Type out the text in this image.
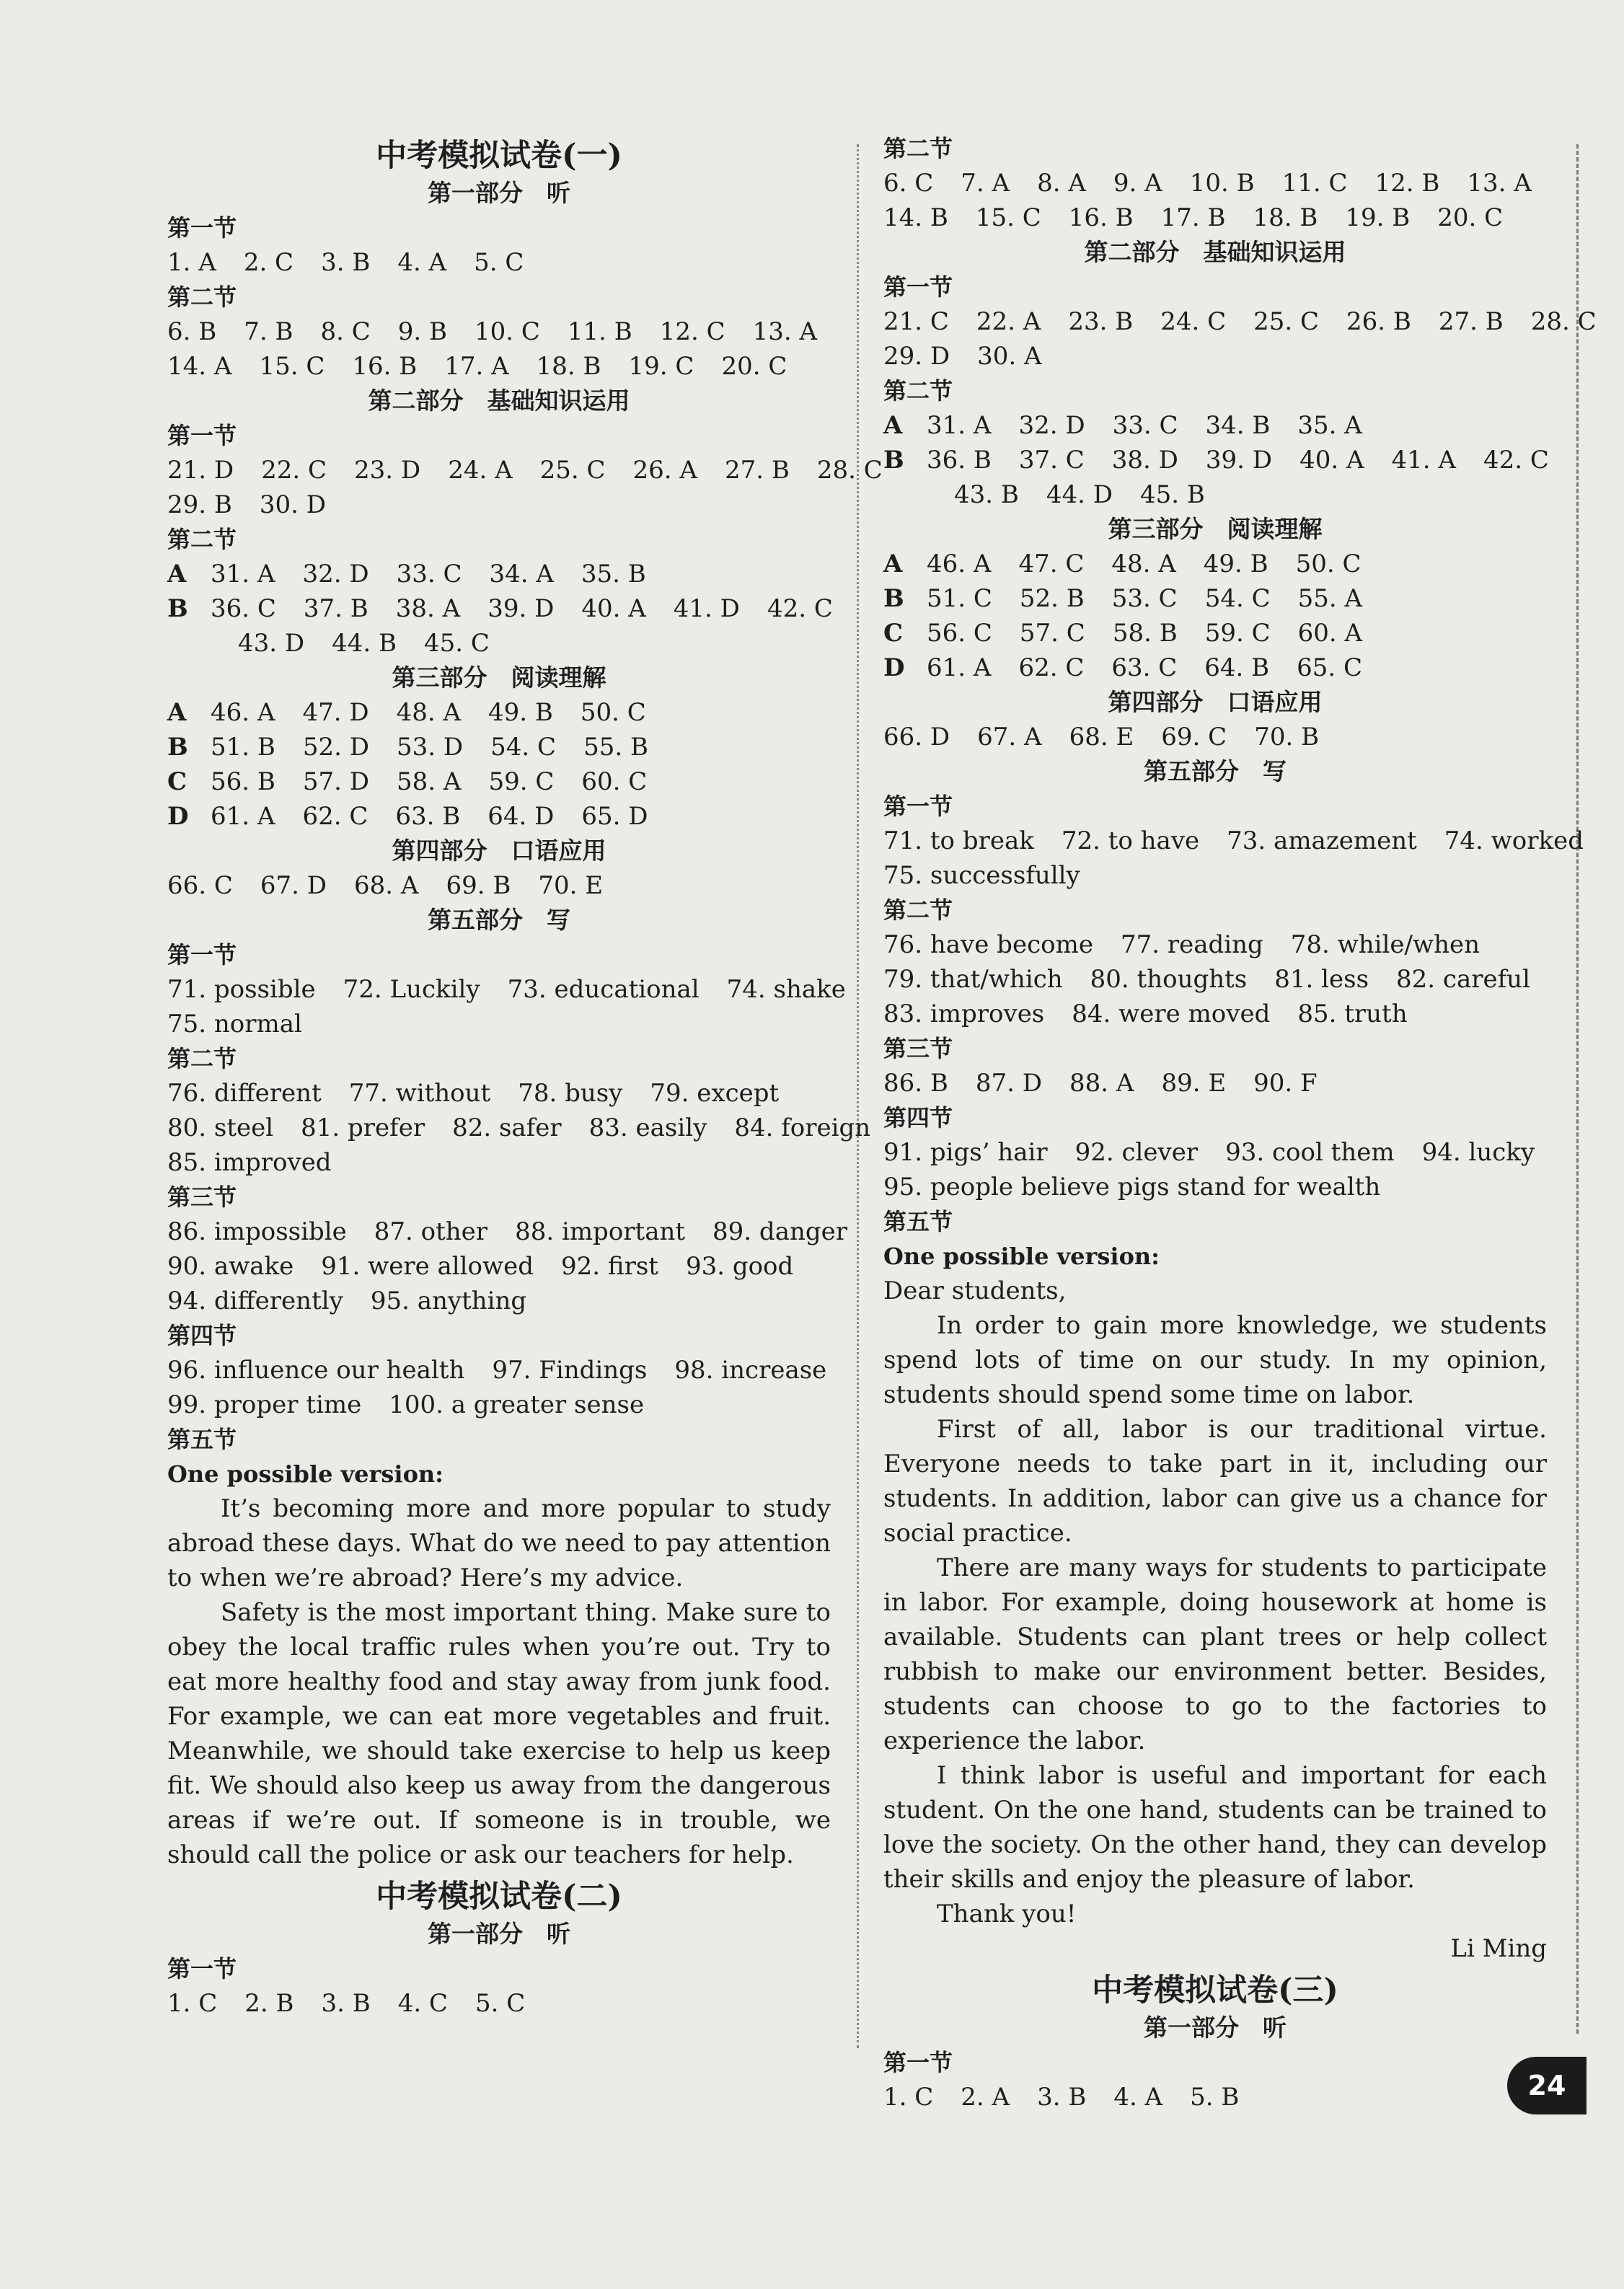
中考模拟试卷(一)
第一部分　听
第一节
1. A 2. C 3. B 4. A 5. C
第二节
6. B 7. B 8. C 9. B 10. C 11. B 12. C 13. A
14. A 15. C 16. B 17. A 18. B 19. C 20. C
第二部分　基础知识运用
第一节
21. D 22. C 23. D 24. A 25. C 26. A 27. B 28. C
29. B 30. D
第二节
A 31. A 32. D 33. C 34. A 35. B
B 36. C 37. B 38. A 39. D 40. A 41. D 42. C
43. D 44. B 45. C
第三部分　阅读理解
A 46. A 47. D 48. A 49. B 50. C
B 51. B 52. D 53. D 54. C 55. B
C 56. B 57. D 58. A 59. C 60. C
D 61. A 62. C 63. B 64. D 65. D
第四部分　口语应用
66. C 67. D 68. A 69. B 70. E
第五部分　写
第一节
71. possible 72. Luckily 73. educational 74. shake
75. normal
第二节
76. different 77. without 78. busy 79. except
80. steel 81. prefer 82. safer 83. easily 84. foreign
85. improved
第三节
86. impossible 87. other 88. important 89. danger
90. awake 91. were allowed 92. first 93. good
94. differently 95. anything
第四节
96. influence our health 97. Findings 98. increase
99. proper time 100. a greater sense
第五节
One possible version:
It’s becoming more and more popular to study abroad these days. What do we need to pay attention to when we’re abroad? Here’s my advice.
Safety is the most important thing. Make sure to obey the local traffic rules when you’re out. Try to eat more healthy food and stay away from junk food. For example, we can eat more vegetables and fruit. Meanwhile, we should take exercise to help us keep fit. We should also keep us away from the dangerous areas if we’re out. If someone is in trouble, we should call the police or ask our teachers for help.
中考模拟试卷(二)
第一部分　听
第一节
1. C 2. B 3. B 4. C 5. C
第二节
6. C 7. A 8. A 9. A 10. B 11. C 12. B 13. A
14. B 15. C 16. B 17. B 18. B 19. B 20. C
第二部分　基础知识运用
第一节
21. C 22. A 23. B 24. C 25. C 26. B 27. B 28. C
29. D 30. A
第二节
A 31. A 32. D 33. C 34. B 35. A
B 36. B 37. C 38. D 39. D 40. A 41. A 42. C
43. B 44. D 45. B
第三部分　阅读理解
A 46. A 47. C 48. A 49. B 50. C
B 51. C 52. B 53. C 54. C 55. A
C 56. C 57. C 58. B 59. C 60. A
D 61. A 62. C 63. C 64. B 65. C
第四部分　口语应用
66. D 67. A 68. E 69. C 70. B
第五部分　写
第一节
71. to break 72. to have 73. amazement 74. worked
75. successfully
第二节
76. have become 77. reading 78. while/when
79. that/which 80. thoughts 81. less 82. careful
83. improves 84. were moved 85. truth
第三节
86. B 87. D 88. A 89. E 90. F
第四节
91. pigs’ hair 92. clever 93. cool them 94. lucky
95. people believe pigs stand for wealth
第五节
One possible version:
Dear students,
In order to gain more knowledge, we students spend lots of time on our study. In my opinion, students should spend some time on labor.
First of all, labor is our traditional virtue. Everyone needs to take part in it, including our students. In addition, labor can give us a chance for social practice.
There are many ways for students to participate in labor. For example, doing housework at home is available. Students can plant trees or help collect rubbish to make our environment better. Besides, students can choose to go to the factories to experience the labor.
I think labor is useful and important for each student. On the one hand, students can be trained to love the society. On the other hand, they can develop their skills and enjoy the pleasure of labor.
Thank you!
Li Ming
中考模拟试卷(三)
第一部分　听
第一节
1. C 2. A 3. B 4. A 5. B	24
